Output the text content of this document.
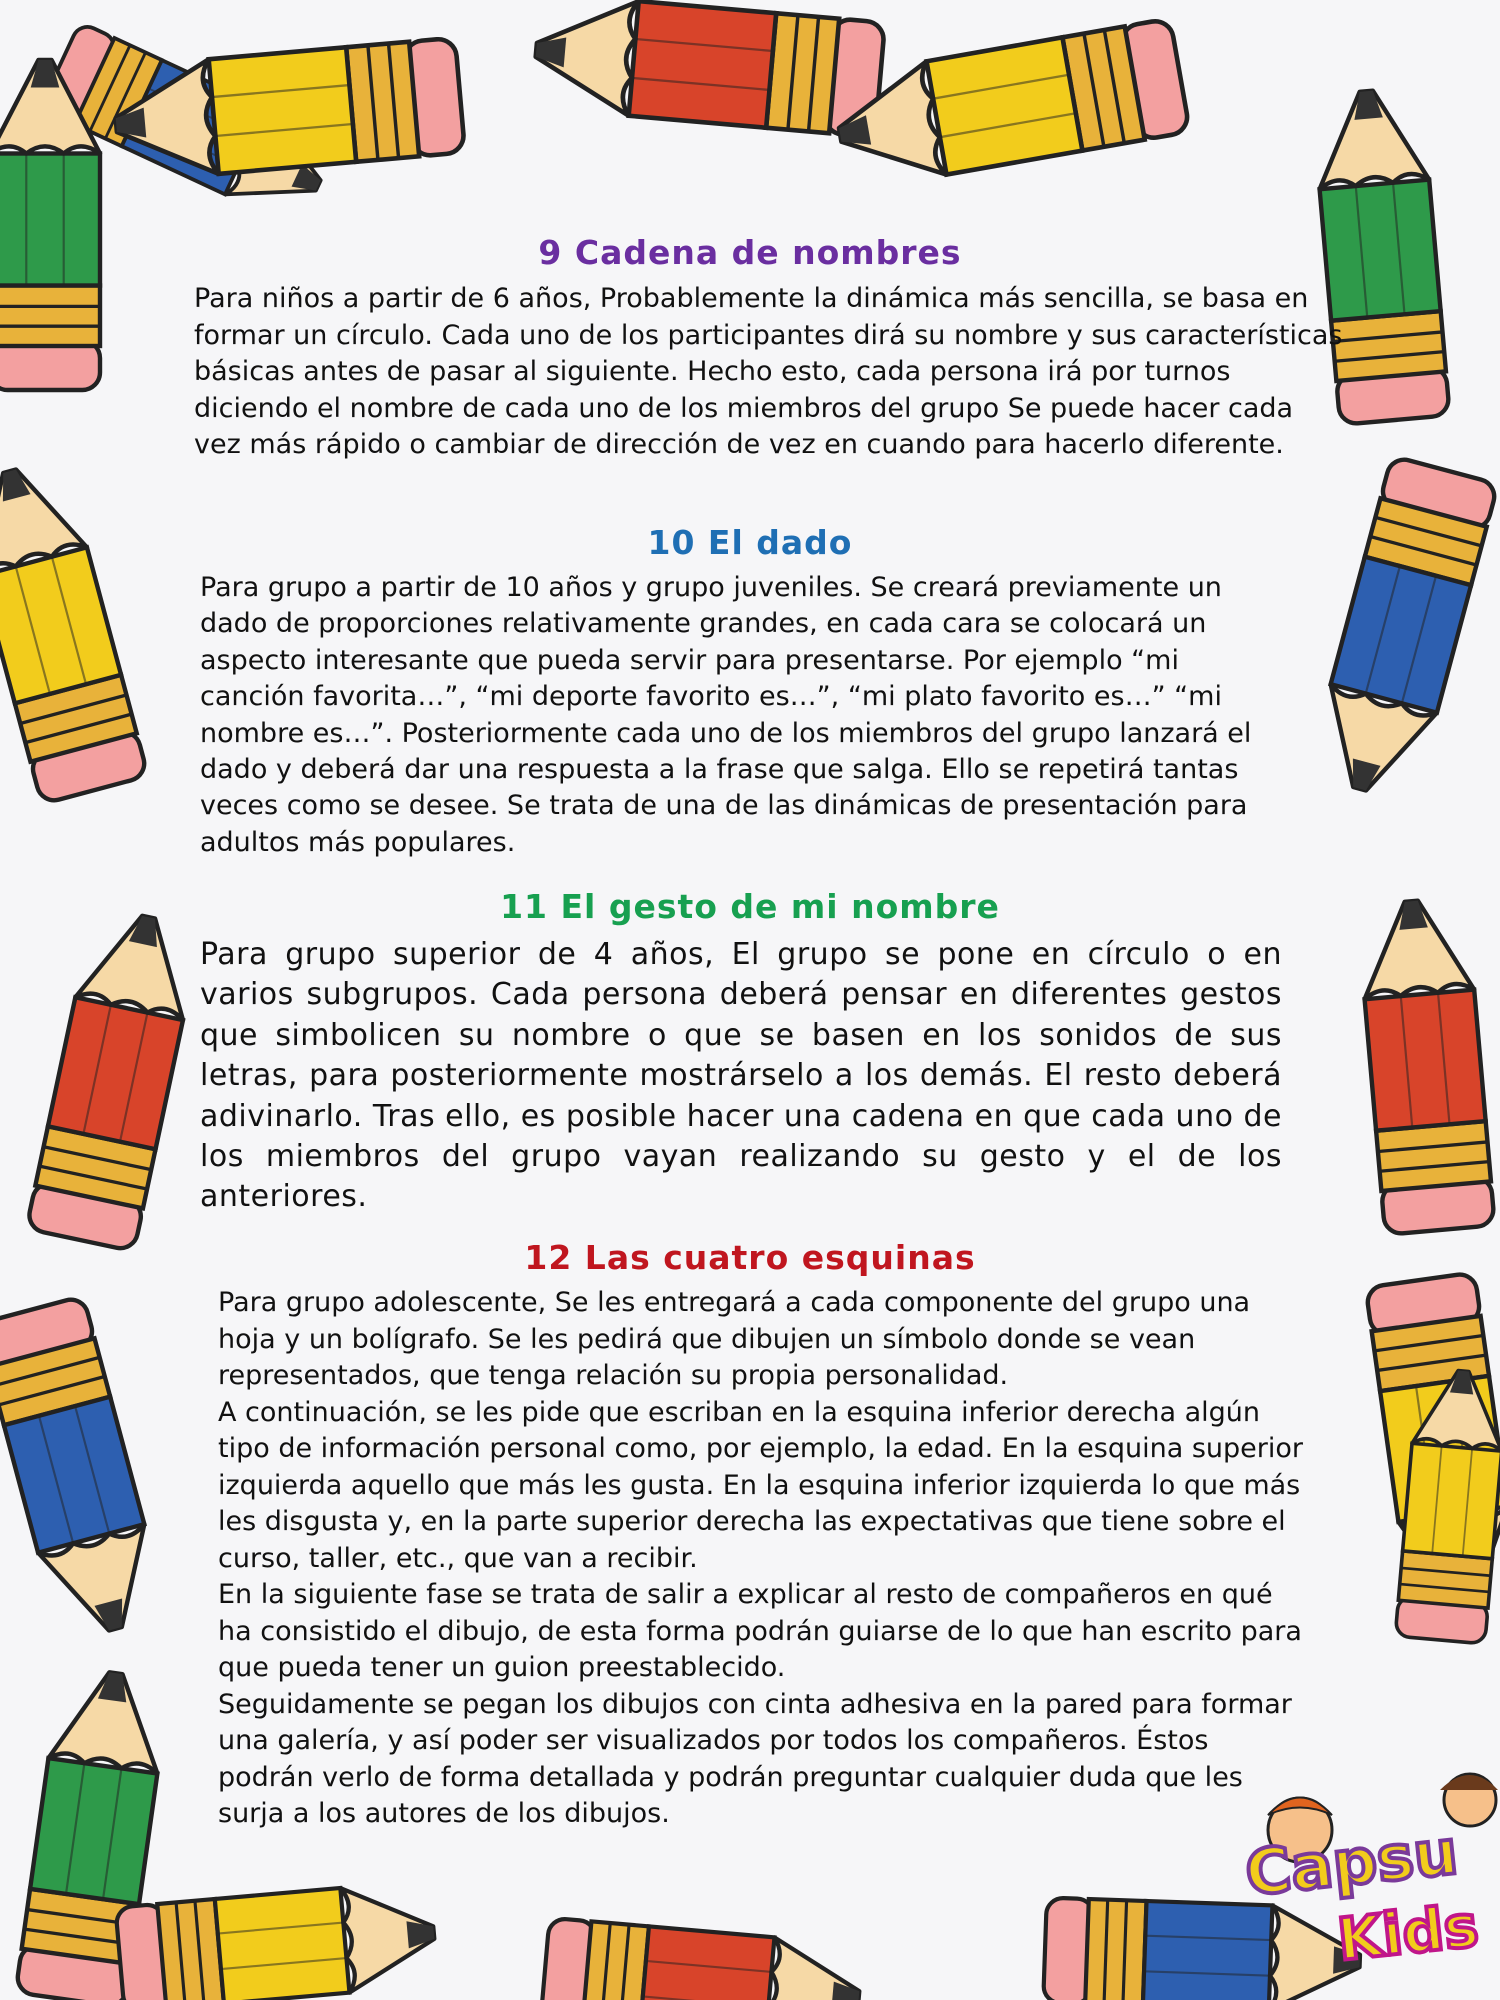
Capsu
Kids
9 Cadena de nombres

Para niños a partir de 6 años, Probablemente la dinámica más sencilla, se basa en formar un círculo. Cada uno de los participantes dirá su nombre y sus características básicas antes de pasar al siguiente. Hecho esto, cada persona irá por turnos diciendo el nombre de cada uno de los miembros del grupo Se puede hacer cada vez más rápido o cambiar de dirección de vez en cuando para hacerlo diferente.

10 El dado

Para grupo a partir de 10 años y grupo juveniles. Se creará previamente un dado de proporciones relativamente grandes, en cada cara se colocará un aspecto interesante que pueda servir para presentarse. Por ejemplo “mi canción favorita…”, “mi deporte favorito es…”, “mi plato favorito es…” “mi nombre es…”. Posteriormente cada uno de los miembros del grupo lanzará el dado y deberá dar una respuesta a la frase que salga. Ello se repetirá tantas veces como se desee. Se trata de una de las dinámicas de presentación para adultos más populares.

11 El gesto de mi nombre

Para grupo superior de 4 años, El grupo se pone en círculo o en varios subgrupos. Cada persona deberá pensar en diferentes gestos que simbolicen su nombre o que se basen en los sonidos de sus letras, para posteriormente mostrárselo a los demás. El resto deberá adivinarlo. Tras ello, es posible hacer una cadena en que cada uno de los miembros del grupo vayan realizando su gesto y el de los anteriores.

12 Las cuatro esquinas

Para grupo adolescente, Se les entregará a cada componente del grupo una hoja y un bolígrafo. Se les pedirá que dibujen un símbolo donde se vean representados, que tenga relación su propia personalidad.

A continuación, se les pide que escriban en la esquina inferior derecha algún tipo de información personal como, por ejemplo, la edad. En la esquina superior izquierda aquello que más les gusta. En la esquina inferior izquierda lo que más les disgusta y, en la parte superior derecha las expectativas que tiene sobre el curso, taller, etc., que van a recibir.

En la siguiente fase se trata de salir a explicar al resto de compañeros en qué ha consistido el dibujo, de esta forma podrán guiarse de lo que han escrito para que pueda tener un guion preestablecido.

Seguidamente se pegan los dibujos con cinta adhesiva en la pared para formar una galería, y así poder ser visualizados por todos los compañeros. Éstos podrán verlo de forma detallada y podrán preguntar cualquier duda que les surja a los autores de los dibujos.
